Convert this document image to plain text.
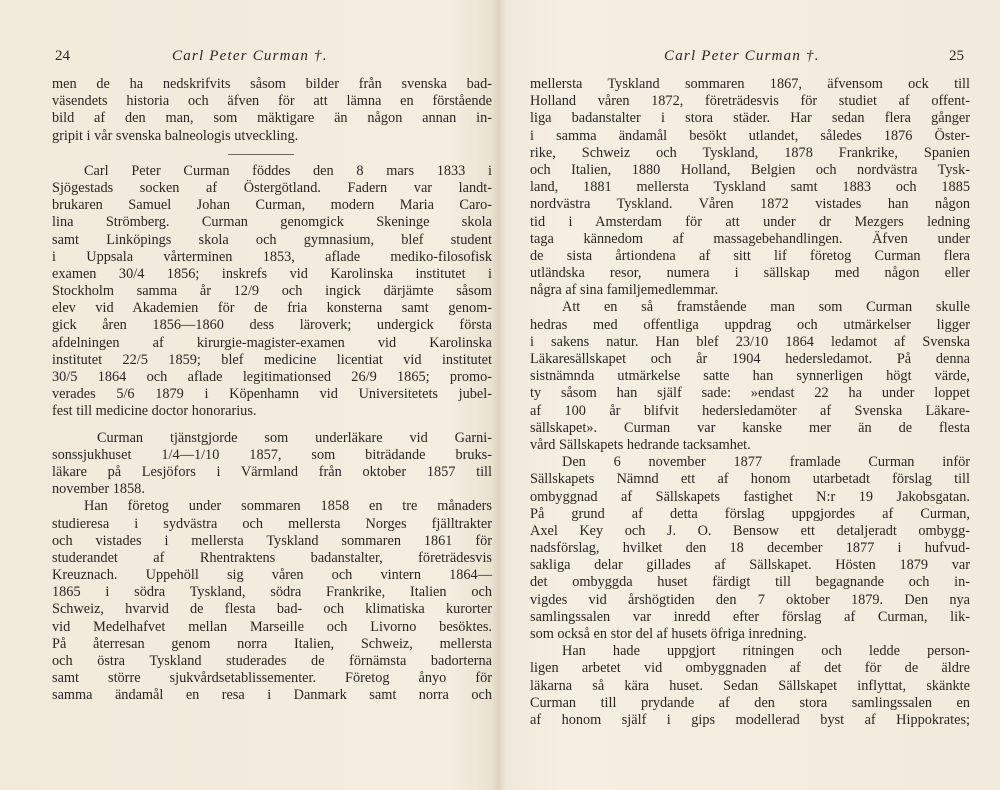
24	Carl Peter Curman †.
men de ha nedskrifvits såsom bilder från svenska bad-
väsendets historia och äfven för att lämna en förstående
bild af den man, som mäktigare än någon annan in-
gripit i vår svenska balneologis utveckling.
Carl Peter Curman föddes den 8 mars 1833 i
Sjögestads socken af Östergötland. Fadern var landt-
brukaren Samuel Johan Curman, modern Maria Caro-
lina Strömberg. Curman genomgick Skeninge skola
samt Linköpings skola och gymnasium, blef student
i Uppsala vårterminen 1853, aflade mediko-filosofisk
examen 30/4 1856; inskrefs vid Karolinska institutet i
Stockholm samma år 12/9 och ingick därjämte såsom
elev vid Akademien för de fria konsterna samt genom-
gick åren 1856—1860 dess läroverk; undergick första
afdelningen af kirurgie-magister-examen vid Karolinska
institutet 22/5 1859; blef medicine licentiat vid institutet
30/5 1864 och aflade legitimationsed 26/9 1865; promo-
verades 5/6 1879 i Köpenhamn vid Universitetets jubel-
fest till medicine doctor honorarius.
Curman tjänstgjorde som underläkare vid Garni-
sonssjukhuset 1/4—1/10 1857, som biträdande bruks-
läkare på Lesjöfors i Värmland från oktober 1857 till
november 1858.
Han företog under sommaren 1858 en tre månaders
studieresa i sydvästra och mellersta Norges fjälltrakter
och vistades i mellersta Tyskland sommaren 1861 för
studerandet af Rhentraktens badanstalter, företrädesvis
Kreuznach. Uppehöll sig våren och vintern 1864—
1865 i södra Tyskland, södra Frankrike, Italien och
Schweiz, hvarvid de flesta bad- och klimatiska kurorter
vid Medelhafvet mellan Marseille och Livorno besöktes.
På återresan genom norra Italien, Schweiz, mellersta
och östra Tyskland studerades de förnämsta badorterna
samt större sjukvårdsetablissementer. Företog ånyo för
samma ändamål en resa i Danmark samt norra och
Carl Peter Curman †.	25
mellersta Tyskland sommaren 1867, äfvensom ock till
Holland våren 1872, företrädesvis för studiet af offent-
liga badanstalter i stora städer. Har sedan flera gånger
i samma ändamål besökt utlandet, således 1876 Öster-
rike, Schweiz och Tyskland, 1878 Frankrike, Spanien
och Italien, 1880 Holland, Belgien och nordvästra Tysk-
land, 1881 mellersta Tyskland samt 1883 och 1885
nordvästra Tyskland. Våren 1872 vistades han någon
tid i Amsterdam för att under dr Mezgers ledning
taga kännedom af massagebehandlingen. Äfven under
de sista årtiondena af sitt lif företog Curman flera
utländska resor, numera i sällskap med någon eller
några af sina familjemedlemmar.
Att en så framstående man som Curman skulle
hedras med offentliga uppdrag och utmärkelser ligger
i sakens natur. Han blef 23/10 1864 ledamot af Svenska
Läkaresällskapet och år 1904 hedersledamot. På denna
sistnämnda utmärkelse satte han synnerligen högt värde,
ty såsom han själf sade: »endast 22 ha under loppet
af 100 år blifvit hedersledamöter af Svenska Läkare-
sällskapet». Curman var kanske mer än de flesta
vård Sällskapets hedrande tacksamhet.
Den 6 november 1877 framlade Curman inför
Sällskapets Nämnd ett af honom utarbetadt förslag till
ombyggnad af Sällskapets fastighet N:r 19 Jakobsgatan.
På grund af detta förslag uppgjordes af Curman,
Axel Key och J. O. Bensow ett detaljeradt ombygg-
nadsförslag, hvilket den 18 december 1877 i hufvud-
sakliga delar gillades af Sällskapet. Hösten 1879 var
det ombyggda huset färdigt till begagnande och in-
vigdes vid årshögtiden den 7 oktober 1879. Den nya
samlingssalen var inredd efter förslag af Curman, lik-
som också en stor del af husets öfriga inredning.
Han hade uppgjort ritningen och ledde person-
ligen arbetet vid ombyggnaden af det för de äldre
läkarna så kära huset. Sedan Sällskapet inflyttat, skänkte
Curman till prydande af den stora samlingssalen en
af honom själf i gips modellerad byst af Hippokrates;
